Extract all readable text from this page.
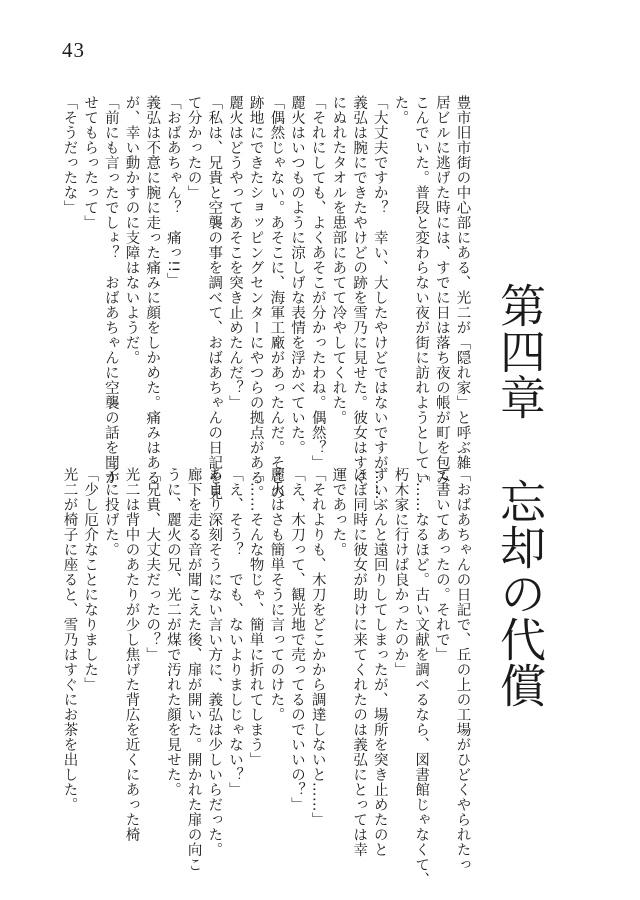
43
第四章
忘却の代償
豊市旧市街の中心部にある、光二が「隠れ家」と呼ぶ雑
居ビルに逃げた時には、すでに日は落ち夜の帳が町を包み
こんでいた。普段と変わらない夜が街に訪れようとしてい
た。
「大丈夫ですか？　幸い、大したやけどではないですが……」
義弘は腕にできたやけどの跡を雪乃に見せた。彼女はすぐ
にぬれたタオルを患部にあてて冷やしてくれた。
「それにしても、よくあそこが分かったわね。偶然？」
麗火はいつものように涼しげな表情を浮かべていた。
「偶然じゃない。あそこに、海軍工廠があったんだ。そこの
跡地にできたショッピングセンターにやつらの拠点がある。
麗火はどうやってあそこを突き止めたんだ？」
「私は、兄貴と空襲の事を調べて、おばあちゃんの日記を見
て分かったの」
「おばあちゃん？　痛っ!!」
義弘は不意に腕に走った痛みに顔をしかめた。痛みはある
が、幸い動かすのに支障はないようだ。
「前にも言ったでしょ？　おばあちゃんに空襲の話を聞か
せてもらったって」
「そうだったな」
「おばあちゃんの日記で、丘の上の工場がひどくやられたっ
て書いてあったの。それで」
「……なるほど。古い文献を調べるなら、図書館じゃなくて、
朽木家に行けば良かったのか」
ずいぶんと遠回りしてしまったが、場所を突き止めたのと
ほぼ同時に彼女が助けに来てくれたのは義弘にとっては幸
運であった。
「それよりも、木刀をどこかから調達しないと……」
「え、木刀って、観光地で売ってるのでいいの？」
麗火はさも簡単そうに言ってのけた。
「……そんな物じゃ、簡単に折れてしまう」
「え、そう？　でも、ないよりましじゃない？」
あまり深刻そうにない言い方に、義弘は少しいらだった。
廊下を走る音が聞こえた後、扉が開いた。開かれた扉の向こ
うに、麗火の兄、光二が煤で汚れた顔を見せた。
「兄貴、大丈夫だったの？」
光二は背中のあたりが少し焦げた背広を近くにあった椅
子に投げた。
「少し厄介なことになりました」
光二が椅子に座ると、雪乃はすぐにお茶を出した。
